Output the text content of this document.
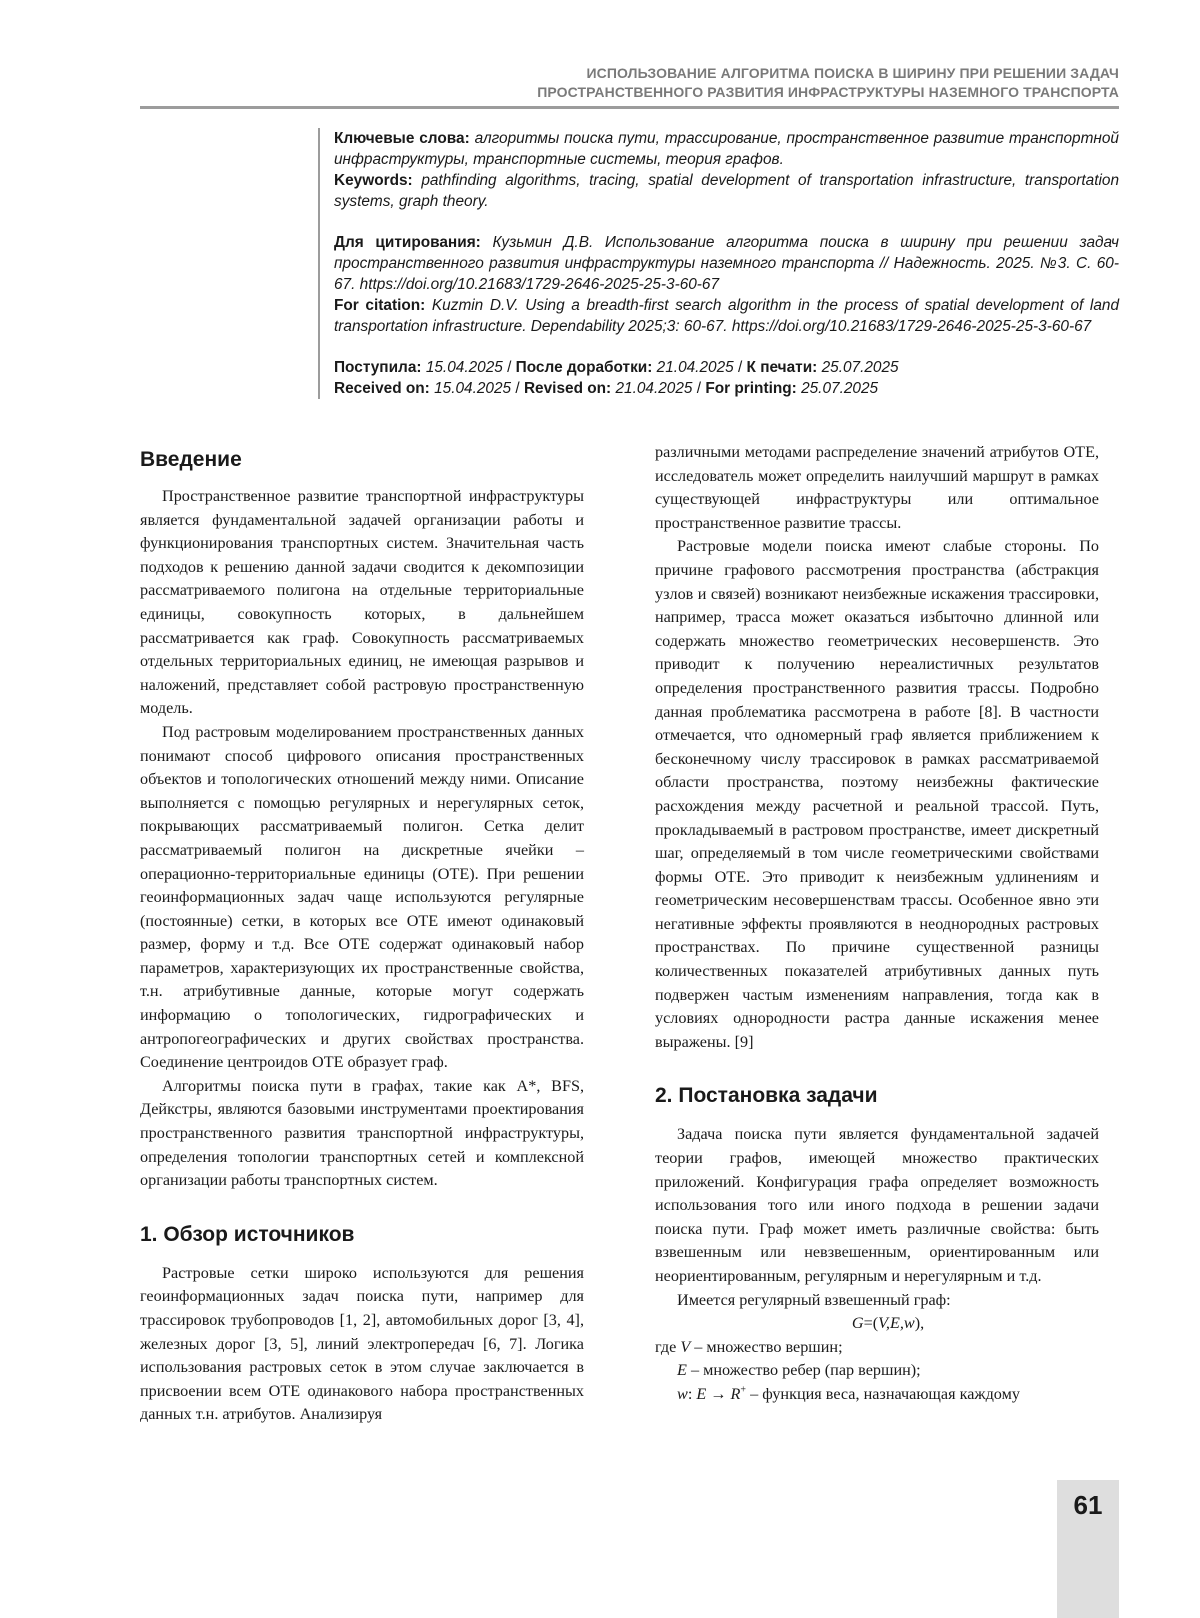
ИСПОЛЬЗОВАНИЕ АЛГОРИТМА ПОИСКА В ШИРИНУ ПРИ РЕШЕНИИ ЗАДАЧ
ПРОСТРАНСТВЕННОГО РАЗВИТИЯ ИНФРАСТРУКТУРЫ НАЗЕМНОГО ТРАНСПОРТА

Ключевые слова: алгоритмы поиска пути, трассирование, пространственное развитие транспортной инфраструктуры, транспортные системы, теория графов.

Keywords: pathfinding algorithms, tracing, spatial development of transportation infrastructure, transportation systems, graph theory.

Для цитирования: Кузьмин Д.В. Использование алгоритма поиска в ширину при решении задач пространственного развития инфраструктуры наземного транспорта // Надежность. 2025. №3. С. 60-67. https://doi.org/10.21683/1729-2646-2025-25-3-60-67

For citation: Kuzmin D.V. Using a breadth-first search algorithm in the process of spatial development of land transportation infrastructure. Dependability 2025;3: 60-67. https://doi.org/10.21683/1729-2646-2025-25-3-60-67

Поступила: 15.04.2025 / После доработки: 21.04.2025 / К печати: 25.07.2025

Received on: 15.04.2025 / Revised on: 21.04.2025 / For printing: 25.07.2025

Введение

Пространственное развитие транспортной инфраструктуры является фундаментальной задачей организации работы и функционирования транспортных систем. Значительная часть подходов к решению данной задачи сводится к декомпозиции рассматриваемого полигона на отдельные территориальные единицы, совокупность которых, в дальнейшем рассматривается как граф. Совокупность рассматриваемых отдельных территориальных единиц, не имеющая разрывов и наложений, представляет собой растровую пространственную модель.

Под растровым моделированием пространственных данных понимают способ цифрового описания пространственных объектов и топологических отношений между ними. Описание выполняется с помощью регулярных и нерегулярных сеток, покрывающих рассматриваемый полигон. Сетка делит рассматриваемый полигон на дискретные ячейки – операционно-территориальные единицы (ОТЕ). При решении геоинформационных задач чаще используются регулярные (постоянные) сетки, в которых все ОТЕ имеют одинаковый размер, форму и т.д. Все ОТЕ содержат одинаковый набор параметров, характеризующих их пространственные свойства, т.н. атрибутивные данные, которые могут содержать информацию о топологических, гидрографических и антропогеографических и других свойствах пространства. Соединение центроидов ОТЕ образует граф.

Алгоритмы поиска пути в графах, такие как A*, BFS, Дейкстры, являются базовыми инструментами проектирования пространственного развития транспортной инфраструктуры, определения топологии транспортных сетей и комплексной организации работы транспортных систем.

1. Обзор источников

Растровые сетки широко используются для решения геоинформационных задач поиска пути, например для трассировок трубопроводов [1, 2], автомобильных дорог [3, 4], железных дорог [3, 5], линий электропередач [6, 7]. Логика использования растровых сеток в этом случае заключается в присвоении всем ОТЕ одинакового набора пространственных данных т.н. атрибутов. Анализируя

различными методами распределение значений атрибутов ОТЕ, исследователь может определить наилучший маршрут в рамках существующей инфраструктуры или оптимальное пространственное развитие трассы.

Растровые модели поиска имеют слабые стороны. По причине графового рассмотрения пространства (абстракция узлов и связей) возникают неизбежные искажения трассировки, например, трасса может оказаться избыточно длинной или содержать множество геометрических несовершенств. Это приводит к получению нереалистичных результатов определения пространственного развития трассы. Подробно данная проблематика рассмотрена в работе [8]. В частности отмечается, что одномерный граф является приближением к бесконечному числу трассировок в рамках рассматриваемой области пространства, поэтому неизбежны фактические расхождения между расчетной и реальной трассой. Путь, прокладываемый в растровом пространстве, имеет дискретный шаг, определяемый в том числе геометрическими свойствами формы ОТЕ. Это приводит к неизбежным удлинениям и геометрическим несовершенствам трассы. Особенное явно эти негативные эффекты проявляются в неоднородных растровых пространствах. По причине существенной разницы количественных показателей атрибутивных данных путь подвержен частым изменениям направления, тогда как в условиях однородности растра данные искажения менее выражены. [9]

2. Постановка задачи

Задача поиска пути является фундаментальной задачей теории графов, имеющей множество практических приложений. Конфигурация графа определяет возможность использования того или иного подхода в решении задачи поиска пути. Граф может иметь различные свойства: быть взвешенным или невзвешенным, ориентированным или неориентированным, регулярным и нерегулярным и т.д.

Имеется регулярный взвешенный граф:

G=(V,E,w),

где V – множество вершин;

E – множество ребер (пар вершин);

w: E → R+ – функция веса, назначающая каждому

61
